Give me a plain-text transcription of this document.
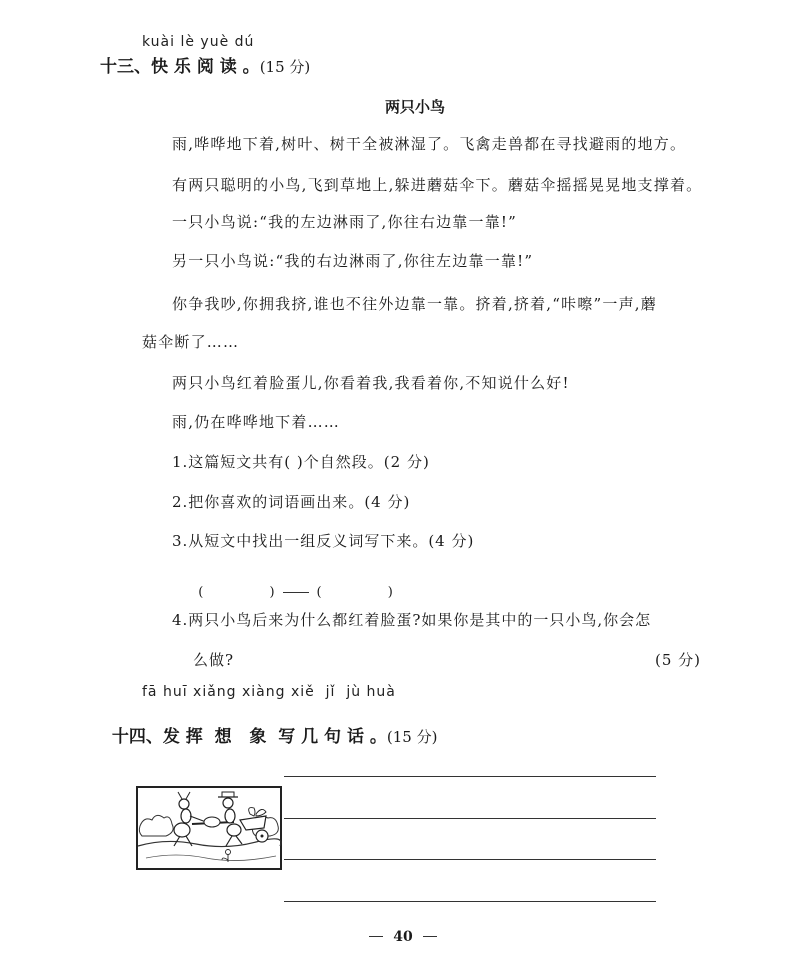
kuài lè yuè dú
十三、快 乐 阅 读 。(15 分)
两只小鸟
雨,哗哗地下着,树叶、树干全被淋湿了。飞禽走兽都在寻找避雨的地方。
有两只聪明的小鸟,飞到草地上,躲进蘑菇伞下。蘑菇伞摇摇晃晃地支撑着。
一只小鸟说:“我的左边淋雨了,你往右边靠一靠!”
另一只小鸟说:“我的右边淋雨了,你往左边靠一靠!”
你争我吵,你拥我挤,谁也不往外边靠一靠。挤着,挤着,“咔嚓”一声,蘑
菇伞断了……
两只小鸟红着脸蛋儿,你看着我,我看着你,不知说什么好!
雨,仍在哗哗地下着……
1.这篇短文共有( )个自然段。(2 分)
2.把你喜欢的词语画出来。(4 分)
3.从短文中找出一组反义词写下来。(4 分)

(                )	(                )

4.两只小鸟后来为什么都红着脸蛋?如果你是其中的一只小鸟,你会怎
么做?	(5 分)
fā huī xiǎng xiàng xiě  jǐ  jù huà

十四、发 挥  想   象  写 几 句 话 。(15 分)

40
